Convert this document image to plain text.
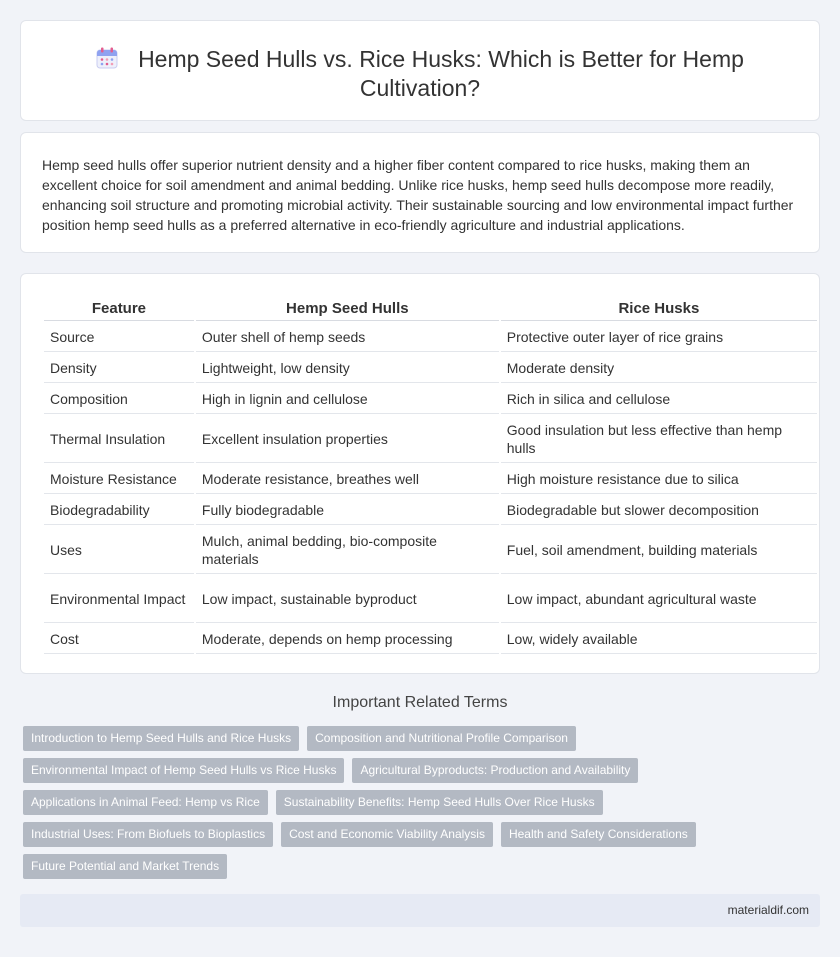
Hemp Seed Hulls vs. Rice Husks: Which is Better for Hemp Cultivation?

Hemp seed hulls offer superior nutrient density and a higher fiber content compared to rice husks, making them an excellent choice for soil amendment and animal bedding. Unlike rice husks, hemp seed hulls decompose more readily, enhancing soil structure and promoting microbial activity. Their sustainable sourcing and low environmental impact further position hemp seed hulls as a preferred alternative in eco-friendly agriculture and industrial applications.

Feature	Hemp Seed Hulls	Rice Husks
Source	Outer shell of hemp seeds	Protective outer layer of rice grains
Density	Lightweight, low density	Moderate density
Composition	High in lignin and cellulose	Rich in silica and cellulose
Thermal Insulation	Excellent insulation properties	Good insulation but less effective than hemp hulls
Moisture Resistance	Moderate resistance, breathes well	High moisture resistance due to silica
Biodegradability	Fully biodegradable	Biodegradable but slower decomposition
Uses	Mulch, animal bedding, bio-composite materials	Fuel, soil amendment, building materials
Environmental Impact	Low impact, sustainable byproduct	Low impact, abundant agricultural waste
Cost	Moderate, depends on hemp processing	Low, widely available
Important Related Terms
Introduction to Hemp Seed Hulls and Rice Husks	Composition and Nutritional Profile Comparison
Environmental Impact of Hemp Seed Hulls vs Rice Husks	Agricultural Byproducts: Production and Availability
Applications in Animal Feed: Hemp vs Rice	Sustainability Benefits: Hemp Seed Hulls Over Rice Husks
Industrial Uses: From Biofuels to Bioplastics	Cost and Economic Viability Analysis	Health and Safety Considerations
Future Potential and Market Trends
materialdif.com
